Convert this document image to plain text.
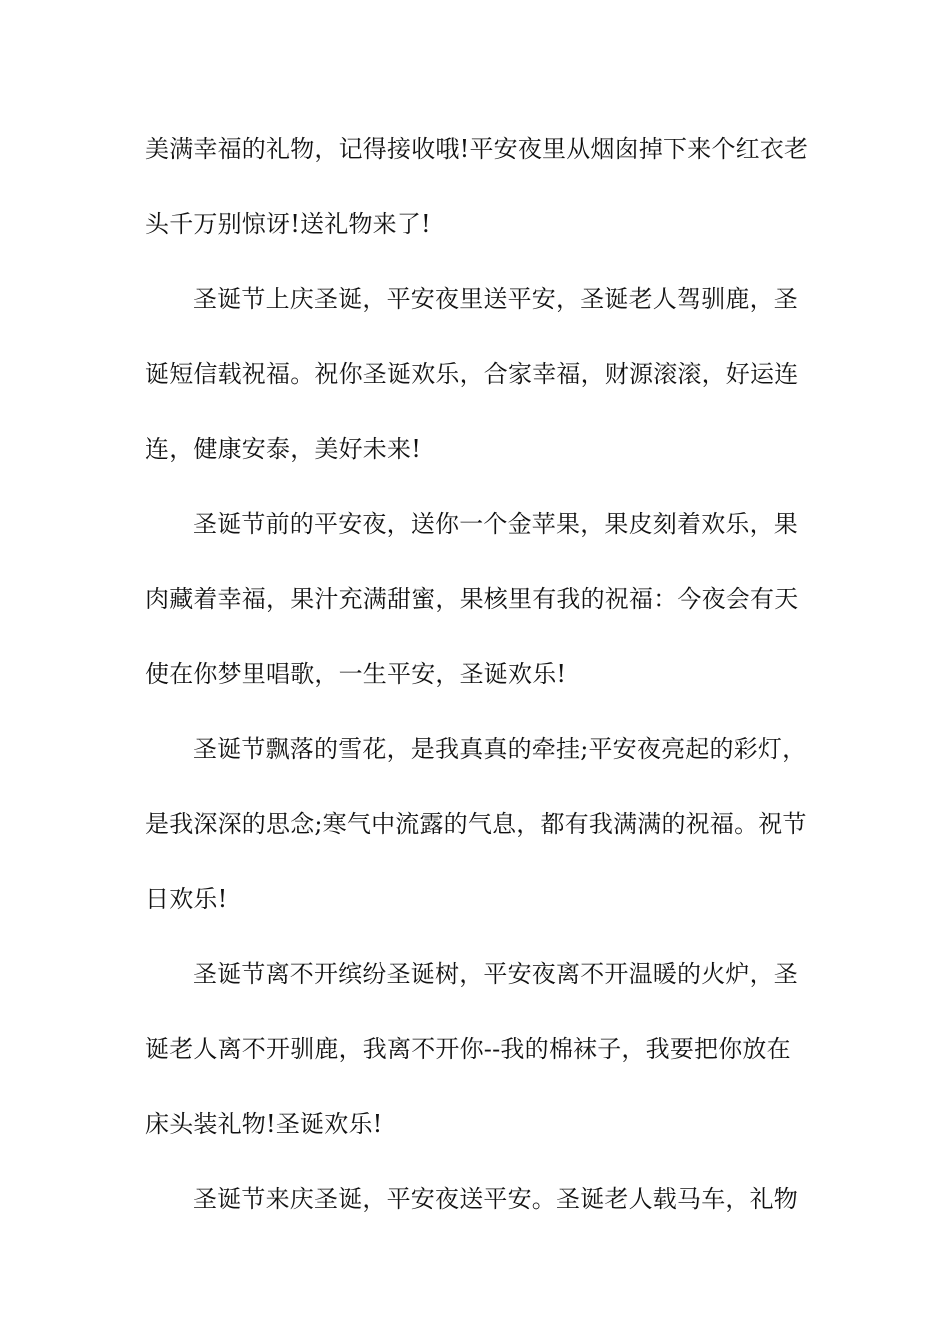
美满幸福的礼物，记得接收哦!平安夜里从烟囱掉下来个红衣老
头千万别惊讶!送礼物来了!
圣诞节上庆圣诞，平安夜里送平安，圣诞老人驾驯鹿，圣
诞短信载祝福。祝你圣诞欢乐，合家幸福，财源滚滚，好运连
连，健康安泰，美好未来!
圣诞节前的平安夜，送你一个金苹果，果皮刻着欢乐，果
肉藏着幸福，果汁充满甜蜜，果核里有我的祝福：今夜会有天
使在你梦里唱歌，一生平安，圣诞欢乐!
圣诞节飘落的雪花，是我真真的牵挂;平安夜亮起的彩灯，
是我深深的思念;寒气中流露的气息，都有我满满的祝福。祝节
日欢乐!
圣诞节离不开缤纷圣诞树，平安夜离不开温暖的火炉，圣
诞老人离不开驯鹿，我离不开你--我的棉袜子，我要把你放在
床头装礼物!圣诞欢乐!
圣诞节来庆圣诞，平安夜送平安。圣诞老人载马车，礼物
